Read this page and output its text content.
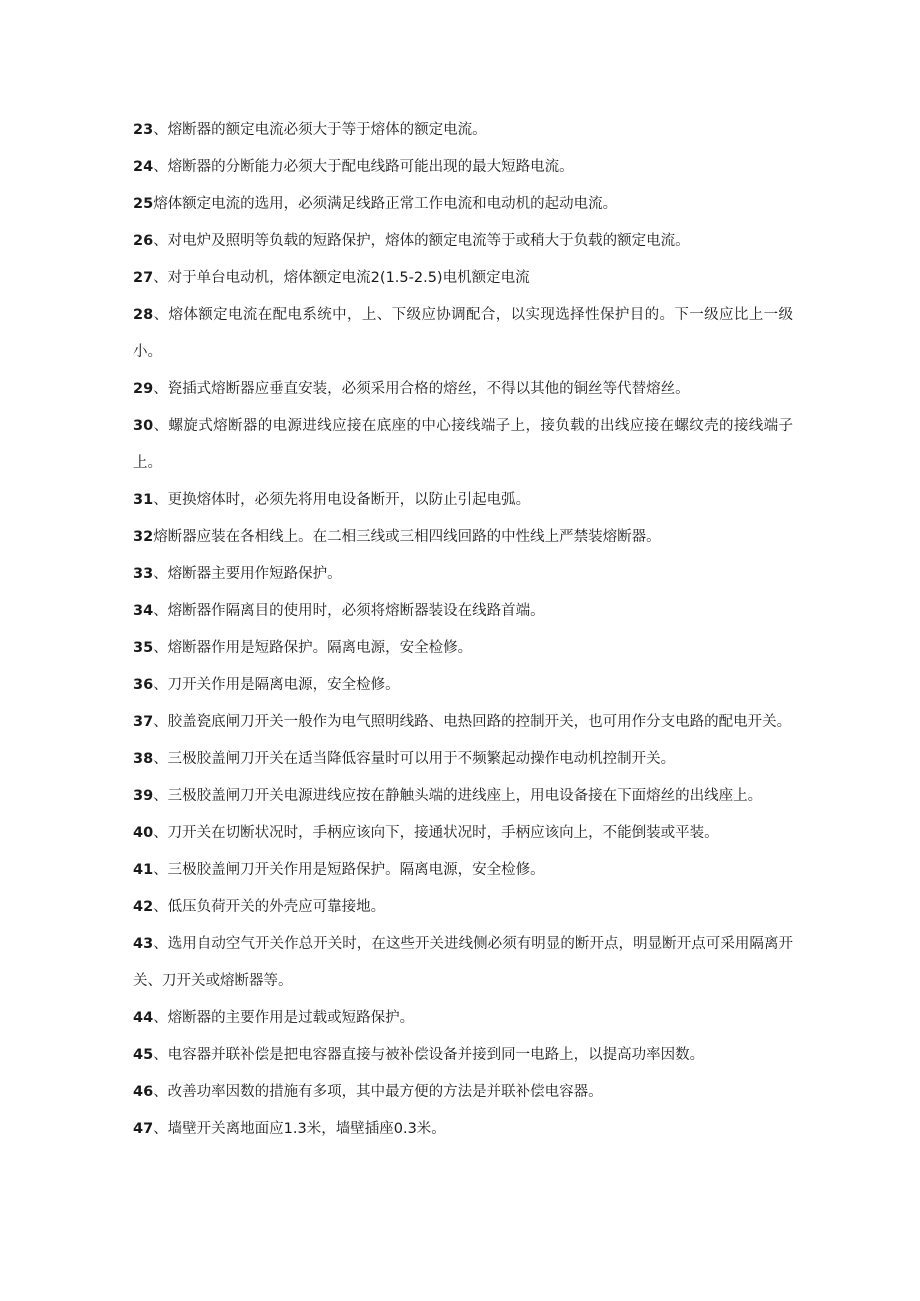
23、熔断器的额定电流必须大于等于熔体的额定电流。
24、熔断器的分断能力必须大于配电线路可能出现的最大短路电流。
25熔体额定电流的选用，必须满足线路正常工作电流和电动机的起动电流。
26、对电炉及照明等负载的短路保护，熔体的额定电流等于或稍大于负载的额定电流。
27、对于单台电动机，熔体额定电流2(1.5-2.5)电机额定电流
28、熔体额定电流在配电系统中，上、下级应协调配合，以实现选择性保护目的。下一级应比上一级小。
29、瓷插式熔断器应垂直安装，必须采用合格的熔丝，不得以其他的铜丝等代替熔丝。
30、螺旋式熔断器的电源进线应接在底座的中心接线端子上，接负载的出线应接在螺纹壳的接线端子上。
31、更换熔体时，必须先将用电设备断开，以防止引起电弧。
32熔断器应装在各相线上。在二相三线或三相四线回路的中性线上严禁装熔断器。
33、熔断器主要用作短路保护。
34、熔断器作隔离目的使用时，必须将熔断器装设在线路首端。
35、熔断器作用是短路保护。隔离电源，安全检修。
36、刀开关作用是隔离电源，安全检修。
37、胶盖瓷底闸刀开关一般作为电气照明线路、电热回路的控制开关，也可用作分支电路的配电开关。
38、三极胶盖闸刀开关在适当降低容量时可以用于不频繁起动操作电动机控制开关。
39、三极胶盖闸刀开关电源进线应按在静触头端的进线座上，用电设备接在下面熔丝的出线座上。
40、刀开关在切断状况时，手柄应该向下，接通状况时，手柄应该向上，不能倒装或平装。
41、三极胶盖闸刀开关作用是短路保护。隔离电源，安全检修。
42、低压负荷开关的外壳应可靠接地。
43、选用自动空气开关作总开关时，在这些开关进线侧必须有明显的断开点，明显断开点可采用隔离开关、刀开关或熔断器等。
44、熔断器的主要作用是过载或短路保护。
45、电容器并联补偿是把电容器直接与被补偿设备并接到同一电路上，以提高功率因数。
46、改善功率因数的措施有多项，其中最方便的方法是并联补偿电容器。
47、墙壁开关离地面应1.3米，墙壁插座0.3米。
